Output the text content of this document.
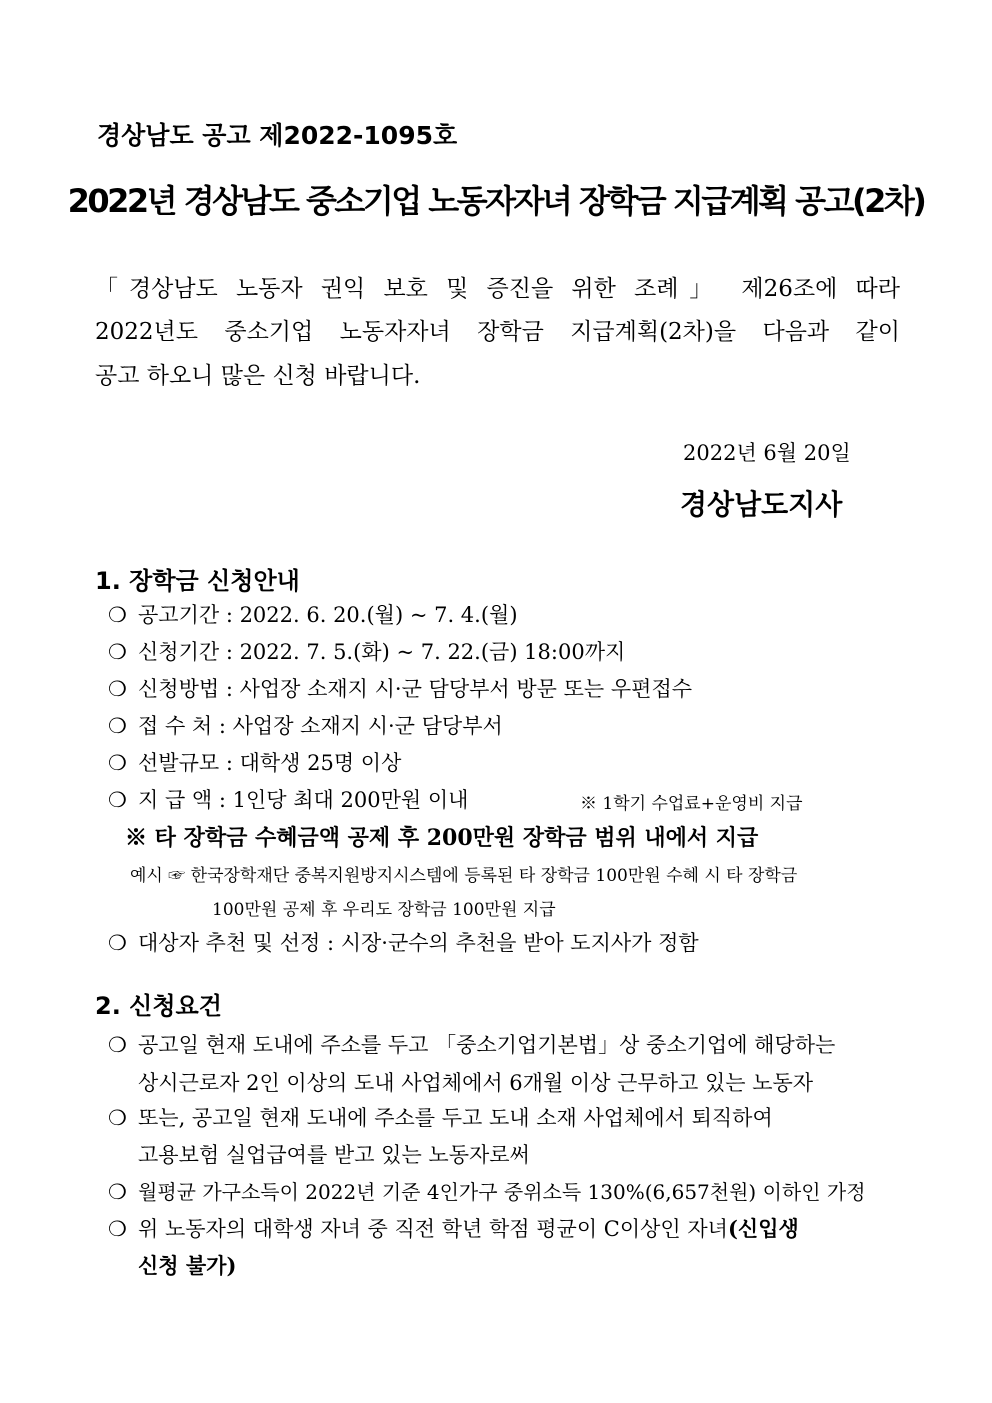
경상남도 공고 제2022-1095호
2022년 경상남도 중소기업 노동자자녀 장학금 지급계획 공고(2차)
「경상남도 노동자 권익 보호 및 증진을 위한 조례」 제26조에 따라
2022년도 중소기업 노동자자녀 장학금 지급계획(2차)을 다음과 같이
공고 하오니 많은 신청 바랍니다.
2022년 6월 20일
경상남도지사
1. 장학금 신청안내
❍ 공고기간 : 2022. 6. 20.(월) ~ 7. 4.(월)
❍ 신청기간 : 2022. 7. 5.(화) ~ 7. 22.(금) 18:00까지
❍ 신청방법 : 사업장 소재지 시·군 담당부서 방문 또는 우편접수
❍ 접 수 처 : 사업장 소재지 시·군 담당부서
❍ 선발규모 : 대학생 25명 이상
❍ 지 급 액 : 1인당 최대 200만원 이내	※ 1학기 수업료+운영비 지급
※ 타 장학금 수혜금액 공제 후 200만원 장학금 범위 내에서 지급
예시 ☞ 한국장학재단 중복지원방지시스템에 등록된 타 장학금 100만원 수혜 시 타 장학금
100만원 공제 후 우리도 장학금 100만원 지급
❍ 대상자 추천 및 선정 : 시장·군수의 추천을 받아 도지사가 정함
2. 신청요건
❍ 공고일 현재 도내에 주소를 두고 「중소기업기본법」상 중소기업에 해당하는
상시근로자 2인 이상의 도내 사업체에서 6개월 이상 근무하고 있는 노동자
❍ 또는, 공고일 현재 도내에 주소를 두고 도내 소재 사업체에서 퇴직하여
고용보험 실업급여를 받고 있는 노동자로써
❍ 월평균 가구소득이 2022년 기준 4인가구 중위소득 130%(6,657천원) 이하인 가정
❍ 위 노동자의 대학생 자녀 중 직전 학년 학점 평균이 C이상인 자녀(신입생
신청 불가)
